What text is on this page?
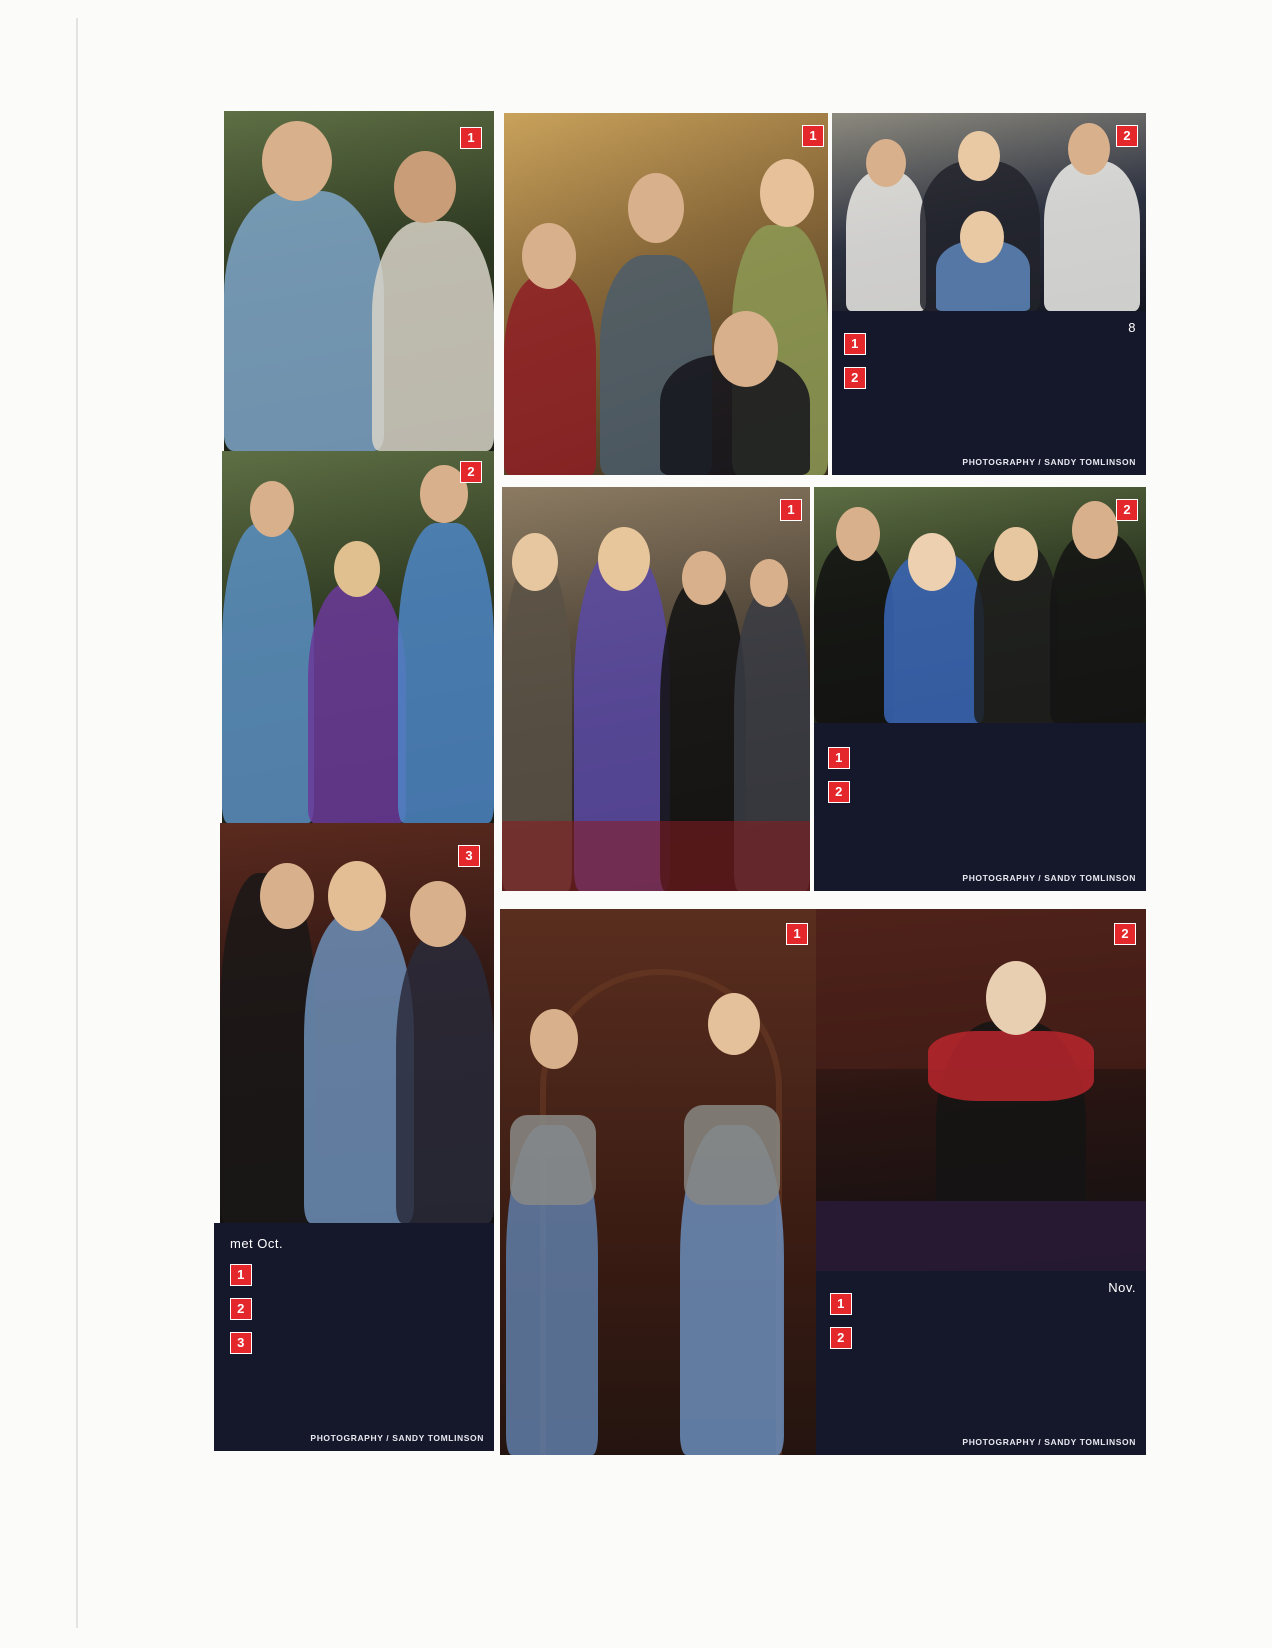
1
2
3

met Oct.

1
2
3
PHOTOGRAPHY / SANDY TOMLINSON
1	2

8

1
2
PHOTOGRAPHY / SANDY TOMLINSON
1	2

1
2
PHOTOGRAPHY / SANDY TOMLINSON
1	2

Nov.

1
2
PHOTOGRAPHY / SANDY TOMLINSON
